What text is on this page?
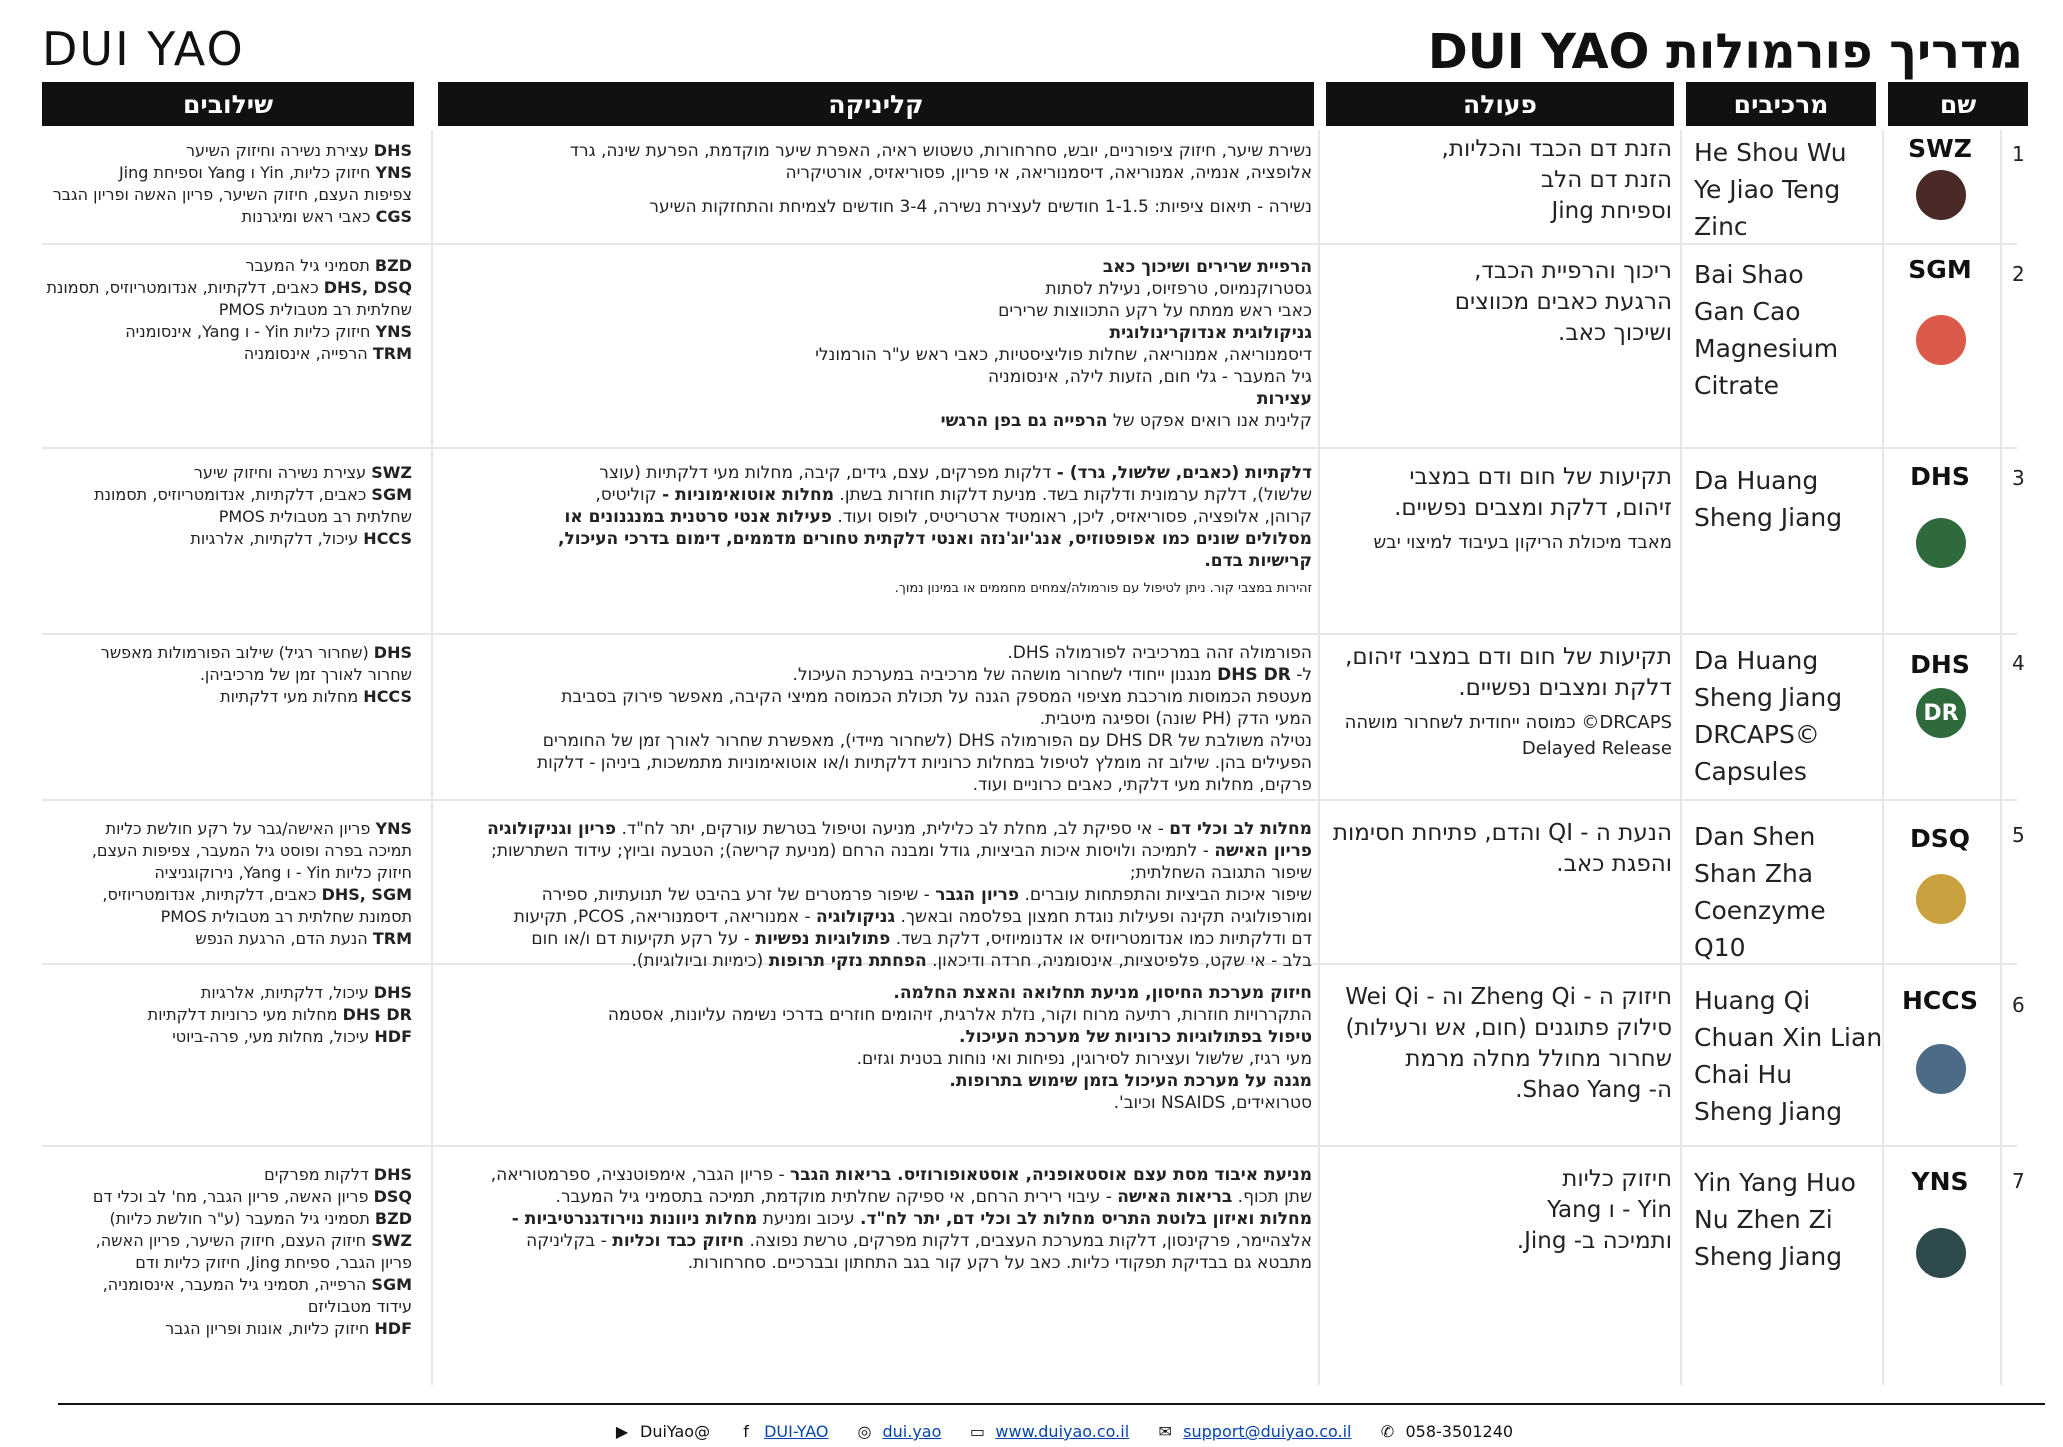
DUI YAO	מדריך פורמולות DUI YAO
שם
מרכיבים
פעולה
קליניקה
שילובים
1
SWZ
He Shou Wu
Ye Jiao Teng
Zinc
הזנת דם הכבד והכליות,
הזנת דם הלב
וספיחת Jing
נשירת שיער, חיזוק ציפורניים, יובש, סחרחורות, טשטוש ראיה, האפרת שיער מוקדמת, הפרעת שינה, גרד
אלופציה, אנמיה, אמנוריאה, דיסמנוריאה, אי פריון, פסוריאזיס, אורטיקריה
נשירה - תיאום ציפיות: 1-1.5 חודשים לעצירת נשירה, 3-4 חודשים לצמיחת והתחזקות השיער
DHS עצירת נשירה וחיזוק השיער
YNS חיזוק כליות, Yin ו Yang וספיחת Jing
צפיפות העצם, חיזוק השיער, פריון האשה ופריון הגבר
CGS כאבי ראש ומיגרנות
2
SGM
Bai Shao
Gan Cao
Magnesium
Citrate
ריכוך והרפיית הכבד,
הרגעת כאבים מכווצים
ושיכוך כאב.
הרפיית שרירים ושיכוך כאב
גסטרוקנמיוס, טרפזיוס, נעילת לסתות
כאבי ראש ממתח על רקע התכווצות שרירים
גניקולוגית אנדוקרינולוגית
דיסמנוריאה, אמנוריאה, שחלות פוליציסטיות, כאבי ראש ע"ר הורמונלי
גיל המעבר - גלי חום, הזעות לילה, אינסומניה
עצירות
קלינית אנו רואים אפקט של הרפייה גם בפן הרגשי
BZD תסמיני גיל המעבר
DHS, DSQ כאבים, דלקתיות, אנדומטריוזיס, תסמונת
שחלתית רב מטבולית PMOS
YNS חיזוק כליות Yin - ו Yang, אינסומניה
TRM הרפייה, אינסומניה
3
DHS
Da Huang
Sheng Jiang
תקיעות של חום ודם במצבי
זיהום, דלקת ומצבים נפשיים.
מאבד מיכולת הריקון בעיבוד למיצוי יבש
דלקתיות (כאבים, שלשול, גרד) - דלקות מפרקים, עצם, גידים, קיבה, מחלות מעי דלקתיות (עוצר
שלשול), דלקת ערמונית ודלקות בשד. מניעת דלקות חוזרות בשתן. מחלות אוטואימוניות - קוליטיס,
קרוהן, אלופציה, פסוריאזיס, ליכן, ראומטיד ארטריטיס, לופוס ועוד. פעילות אנטי סרטנית במנגנונים או
מסלולים שונים כמו אפופטוזיס, אנג'יוג'נזה ואנטי דלקתית טחורים מדממים, דימום בדרכי העיכול,
קרישיות בדם.
זהירות במצבי קור. ניתן לטיפול עם פורמולה/צמחים מחממים או במינון נמוך.
SWZ עצירת נשירה וחיזוק שיער
SGM כאבים, דלקתיות, אנדומטריוזיס, תסמונת
שחלתית רב מטבולית PMOS
HCCS עיכול, דלקתיות, אלרגיות
4
DHS
DR
Da Huang
Sheng Jiang
DRCAPS©
Capsules
תקיעות של חום ודם במצבי זיהום,
דלקת ומצבים נפשיים.
DRCAPS© כמוסה ייחודית לשחרור מושהה
Delayed Release
הפורמולה זהה במרכיביה לפורמולה DHS.
ל- DHS DR מנגנון ייחודי לשחרור מושהה של מרכיביה במערכת העיכול.
מעטפת הכמוסות מורכבת מציפוי המספק הגנה על תכולת הכמוסה ממיצי הקיבה, מאפשר פירוק בסביבת
המעי הדק (PH שונה) וספיגה מיטבית.
נטילה משולבת של DHS DR עם הפורמולה DHS (לשחרור מיידי), מאפשרת שחרור לאורך זמן של החומרים
הפעילים בהן. שילוב זה מומלץ לטיפול במחלות כרוניות דלקתיות ו/או אוטואימוניות מתמשכות, ביניהן - דלקות
פרקים, מחלות מעי דלקתי, כאבים כרוניים ועוד.
DHS (שחרור רגיל) שילוב הפורמולות מאפשר
שחרור לאורך זמן של מרכיביהן.
HCCS מחלות מעי דלקתיות
5
DSQ
Dan Shen
Shan Zha
Coenzyme Q10
הנעת ה - QI והדם, פתיחת חסימות
והפגת כאב.
מחלות לב וכלי דם - אי ספיקת לב, מחלת לב כלילית, מניעה וטיפול בטרשת עורקים, יתר לח"ד. פריון וגניקולוגיה
פריון האישה - לתמיכה ולויסות איכות הביציות, גודל ומבנה הרחם (מניעת קרישה); הטבעה וביוץ; עידוד השתרשות; שיפור התגובה השחלתית;
שיפור איכות הביציות והתפתחות עוברים. פריון הגבר - שיפור פרמטרים של זרע בהיבט של תנועתיות, ספירה
ומורפולוגיה תקינה ופעילות נוגדת חמצון בפלסמה ובאשך. גניקולוגיה - אמנוריאה, דיסמנוריאה, PCOS, תקיעות
דם ודלקתיות כמו אנדומטריוזיס או אדנומיוזיס, דלקת בשד. פתולוגיות נפשיות - על רקע תקיעות דם ו/או חום
בלב - אי שקט, פלפיטציות, אינסומניה, חרדה ודיכאון. הפחתת נזקי תרופות (כימיות וביולוגיות).
YNS פריון האישה/גבר על רקע חולשת כליות
תמיכה בפרה ופוסט גיל המעבר, צפיפות העצם,
חיזוק כליות Yin - ו Yang, נירוקוגניציה
DHS, SGM כאבים, דלקתיות, אנדומטריוזיס,
תסמונת שחלתית רב מטבולית PMOS
TRM הנעת הדם, הרגעת הנפש
6
HCCS
Huang Qi
Chuan Xin Lian
Chai Hu
Sheng Jiang
חיזוק ה - Zheng Qi וה - Wei Qi
סילוק פתוגנים (חום, אש ורעילות)
שחרור מחולל מחלה מרמת
ה- Shao Yang.
חיזוק מערכת החיסון, מניעת תחלואה והאצת החלמה.
התקררויות חוזרות, רתיעה מרוח וקור, נזלת אלרגית, זיהומים חוזרים בדרכי נשימה עליונות, אסטמה
טיפול בפתולוגיות כרוניות של מערכת העיכול.
מעי רגיז, שלשול ועצירות לסירוגין, נפיחות ואי נוחות בטנית וגזים.
מגנה על מערכת העיכול בזמן שימוש בתרופות.
סטרואידים, NSAIDS וכיוב'.
DHS עיכול, דלקתיות, אלרגיות
DHS DR מחלות מעי כרוניות דלקתיות
HDF עיכול, מחלות מעי, פרה-ביוטי
7
YNS
Yin Yang Huo
Nu Zhen Zi
Sheng Jiang
חיזוק כליות
Yin - ו Yang
ותמיכה ב- Jing.
מניעת איבוד מסת עצם אוסטאופניה, אוסטאופורוזיס. בריאות הגבר - פריון הגבר, אימפוטנציה, ספרמטוריאה,
שתן תכוף. בריאות האישה - עיבוי רירית הרחם, אי ספיקה שחלתית מוקדמת, תמיכה בתסמיני גיל המעבר.
מחלות ואיזון בלוטת התריס מחלות לב וכלי דם, יתר לח"ד. עיכוב ומניעת מחלות ניוונות נוירודגנרטיביות -
אלצהיימר, פרקינסון, דלקות במערכת העצבים, דלקות מפרקים, טרשת נפוצה. חיזוק כבד וכליות - בקליניקה
מתבטא גם בבדיקת תפקודי כליות. כאב על רקע קור בגב התחתון ובברכיים. סחרחורות.
DHS דלקות מפרקים
DSQ פריון האשה, פריון הגבר, מח' לב וכלי דם
BZD תסמיני גיל המעבר (ע"ר חולשת כליות)
SWZ חיזוק העצם, חיזוק השיער, פריון האשה,
פריון הגבר, ספיחת Jing, חיזוק כליות ודם
SGM הרפייה, תסמיני גיל המעבר, אינסומניה,
עידוד מטבוליזם
HDF חיזוק כליות, אונות ופריון הגבר
▶ DuiYao@	f DUI-YAO ◎ dui.yao ▭ www.duiyao.co.il ✉ support@duiyao.co.il ✆ 058-3501240
